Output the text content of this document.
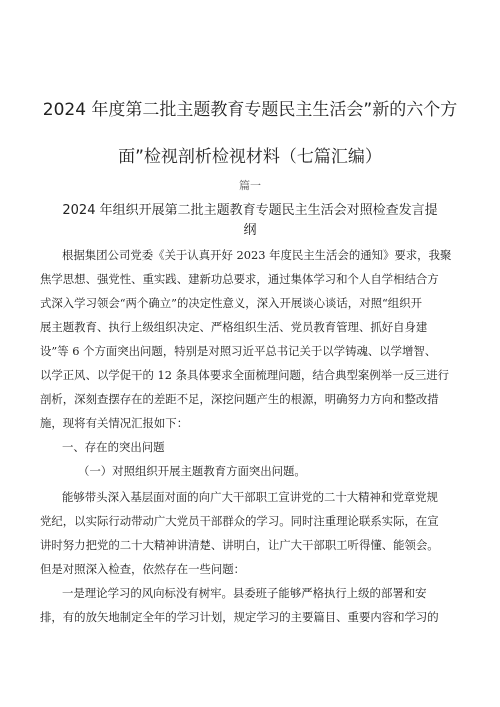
2024 年度第二批主题教育专题民主生活会”新的六个方
面”检视剖析检视材料（七篇汇编）
篇一
2024 年组织开展第二批主题教育专题民主生活会对照检查发言提
纲
根据集团公司党委《关于认真开好 2023 年度民主生活会的通知》要求，我聚
焦学思想、强党性、重实践、建新功总要求，通过集体学习和个人自学相结合方
式深入学习领会“两个确立”的决定性意义，深入开展谈心谈话，对照“组织开
展主题教育、执行上级组织决定、严格组织生活、党员教育管理、抓好自身建
设”等 6 个方面突出问题，特别是对照习近平总书记关于以学铸魂、以学增智、
以学正风、以学促干的 12 条具体要求全面梳理问题，结合典型案例举一反三进行
剖析，深刻查摆存在的差距不足，深挖问题产生的根源，明确努力方向和整改措
施，现将有关情况汇报如下：
一、存在的突出问题
（一）对照组织开展主题教育方面突出问题。
能够带头深入基层面对面的向广大干部职工宣讲党的二十大精神和党章党规
党纪，以实际行动带动广大党员干部群众的学习。同时注重理论联系实际，在宣
讲时努力把党的二十大精神讲清楚、讲明白，让广大干部职工听得懂、能领会。
但是对照深入检查，依然存在一些问题：
一是理论学习的风向标没有树牢。县委班子能够严格执行上级的部署和安
排，有的放矢地制定全年的学习计划，规定学习的主要篇目、重要内容和学习的
